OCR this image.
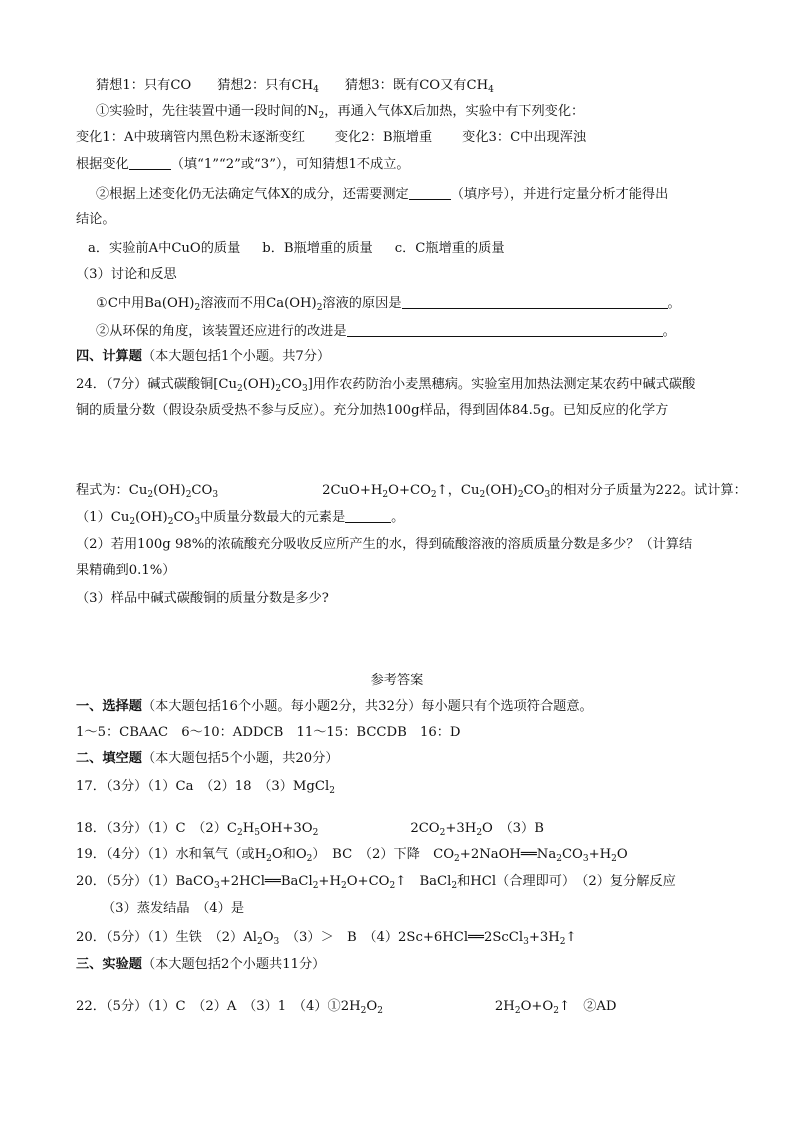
猜想1：只有CO 猜想2：只有$CH_4$ 猜想3：既有CO又有$CH_4$
①实验时，先往装置中通一段时间的$N_2$，再通入气体X后加热，实验中有下列变化：
变化1：A中玻璃管内黑色粉末逐渐变红 变化2：B瓶增重 变化3：C中出现浑浊
根据变化	（填“1”“2”或“3”），可知猜想1不成立。
②根据上述变化仍无法确定气体X的成分，还需要测定	（填序号），并进行定量分析才能得出
结论。
a．实验前A中CuO的质量 b．B瓶增重的质量 c．C瓶增重的质量
（3）讨论和反思
①C中用$Ba(OH)_2$溶液而不用$Ca(OH)_2$溶液的原因是	。
②从环保的角度，该装置还应进行的改进是	。
四、计算题（本大题包括1个小题。共7分）
24．（7分）碱式碳酸铜$[Cu_2(OH)_2CO_3]$用作农药防治小麦黑穗病。实验室用加热法测定某农药中碱式碳酸
铜的质量分数（假设杂质受热不参与反应）。充分加热100g样品，得到固体84.5g。已知反应的化学方
程式为：$Cu_2(OH)_2CO_3$	$2CuO+H_2O+CO_2↑$，$Cu_2(OH)_2CO_3$的相对分子质量为222。试计算：
$(1)Cu_2(OH)_2CO_3$中质量分数最大的元素是	。
（2）若用100g 98%的浓硫酸充分吸收反应所产生的水，得到硫酸溶液的溶质质量分数是多少？（计算结
果精确到0.1%）
（3）样品中碱式碳酸铜的质量分数是多少?
参考答案
一、选择题（本大题包括16个小题。每小题2分，共32分）每小题只有个选项符合题意。
1～5：CBAAC　6～10：ADDCB　11～15：BCCDB　16：D
二、填空题（本大题包括5个小题，共20分）
17．（3分）（1）Ca　（2）18　（3）MgCl$_2$
18．（3分）（1）C　$(2)C_2H_5OH+3O_2$	$2CO_2+3H_2O$　（3）B
19．（4分）（1）水和氧气（或$H_2O$和$O_2$）　BC　（2）下降　$CO_2+2NaOH══Na_2CO_3+H_2O$
20．（5分）$(1)BaCO_3+2HCl══BaCl_2+H_2O+CO_2↑$　BaCl$_2$和HCl（合理即可）　（2）复分解反应
（3）蒸发结晶　（4）是
20．（5分）（1）生铁　$(2)Al_2O_3$　（3）＞　B　$(4)2Sc+6HCl══2ScCl_3+3H_2↑$
三、实验题（本大题包括2个小题共11分）
22．（5分）（1）C　（2）A　（3）1　$(4)①2H_2O_2$	$2H_2O+O_2↑$　②AD
